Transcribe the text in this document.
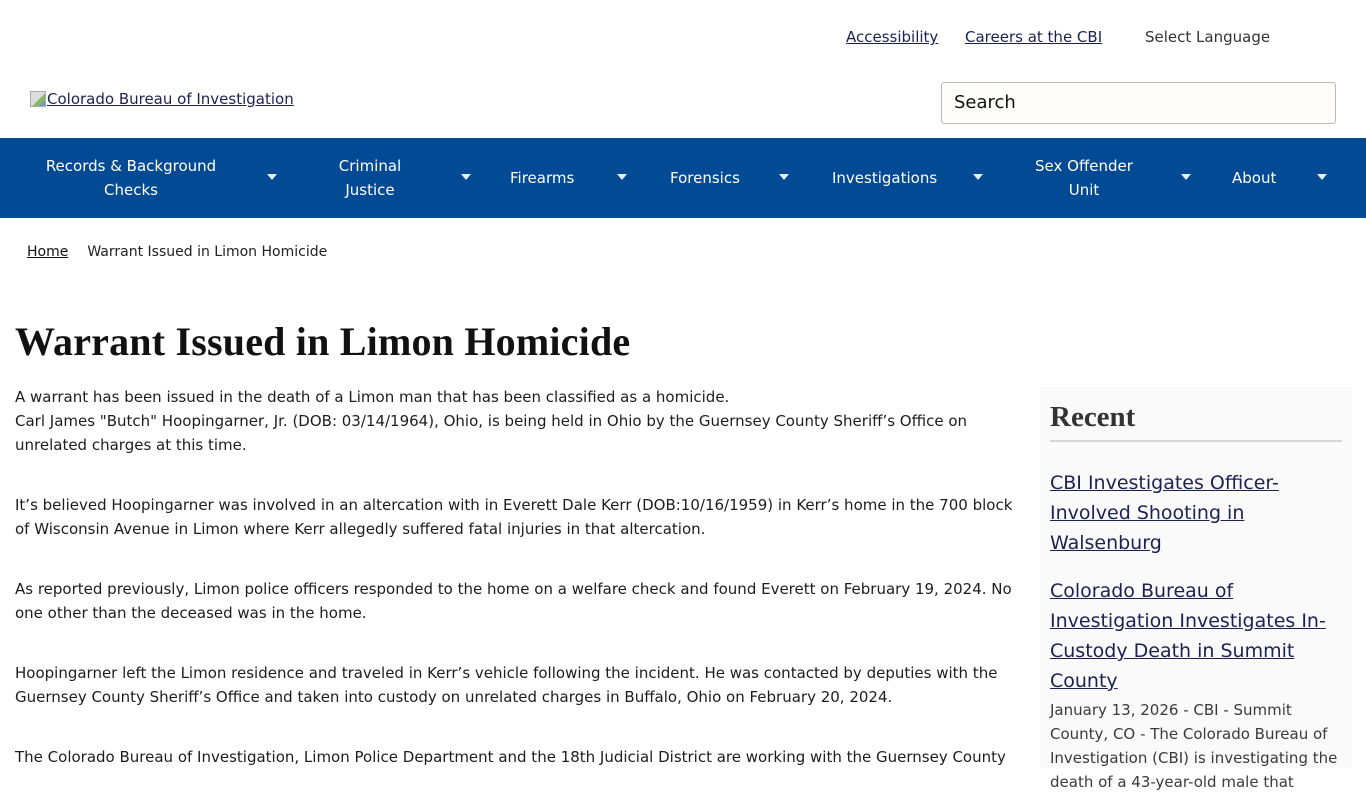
Accessibility Careers at the CBI	Select Language
Colorado Bureau of Investigation	Search
Records & Background Checks
Criminal Justice
Firearms	Forensics	Investigations
Sex Offender Unit
About
Home Warrant Issued in Limon Homicide
Warrant Issued in Limon Homicide

A warrant has been issued in the death of a Limon man that has been classified as a homicide.

Carl James "Butch" Hoopingarner, Jr. (DOB: 03/14/1964), Ohio, is being held in Ohio by the Guernsey County Sheriff’s Office on unrelated charges at this time.

It’s believed Hoopingarner was involved in an altercation with in Everett Dale Kerr (DOB:10/16/1959) in Kerr’s home in the 700 block of Wisconsin Avenue in Limon where Kerr allegedly suffered fatal injuries in that altercation.

As reported previously, Limon police officers responded to the home on a welfare check and found Everett on February 19, 2024. No one other than the deceased was in the home.

Hoopingarner left the Limon residence and traveled in Kerr’s vehicle following the incident. He was contacted by deputies with the Guernsey County Sheriff’s Office and taken into custody on unrelated charges in Buffalo, Ohio on February 20, 2024.

The Colorado Bureau of Investigation, Limon Police Department and the 18th Judicial District are working with the Guernsey County

Recent
CBI Investigates Officer-Involved Shooting in Walsenburg
Colorado Bureau of Investigation Investigates In-Custody Death in Summit County
January 13, 2026 - CBI - Summit County, CO - The Colorado Bureau of Investigation (CBI) is investigating the death of a 43-year-old male that
